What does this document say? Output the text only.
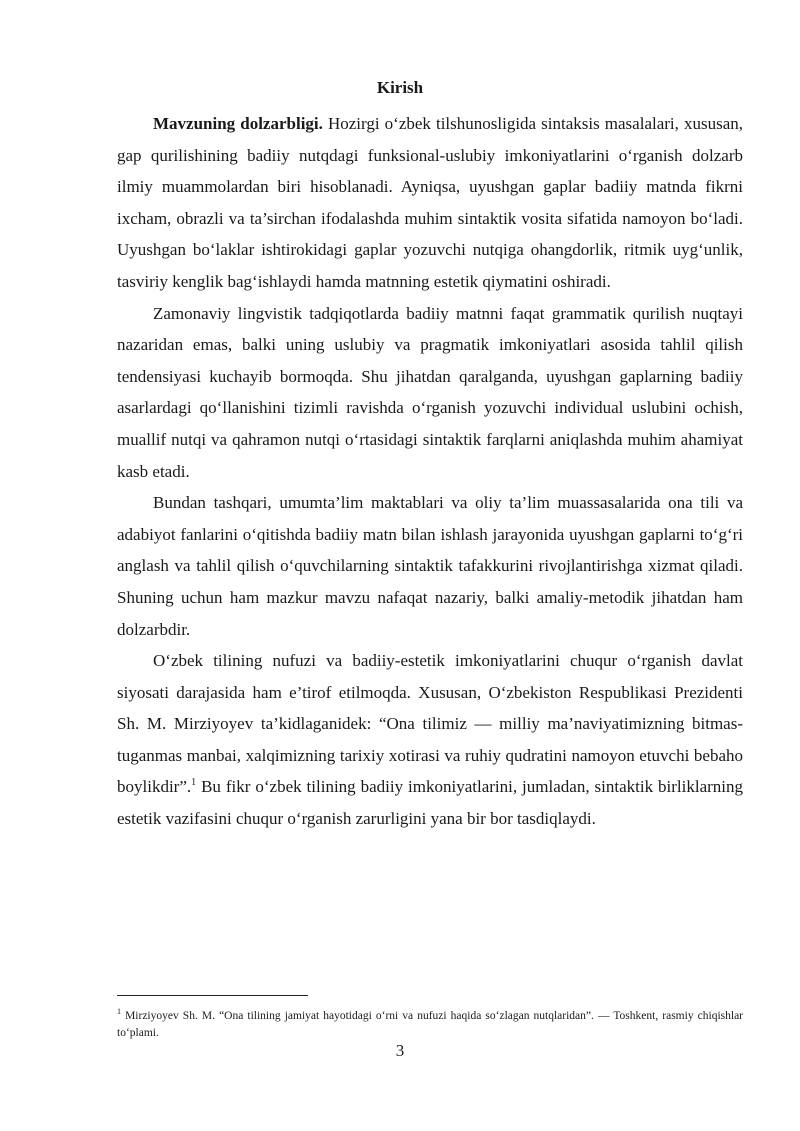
Kirish

Mavzuning dolzarbligi. Hozirgi o‘zbek tilshunosligida sintaksis masalalari, xususan, gap qurilishining badiiy nutqdagi funksional-uslubiy imkoniyatlarini o‘rganish dolzarb ilmiy muammolardan biri hisoblanadi. Ayniqsa, uyushgan gaplar badiiy matnda fikrni ixcham, obrazli va ta’sirchan ifodalashda muhim sintaktik vosita sifatida namoyon bo‘ladi. Uyushgan bo‘laklar ishtirokidagi gaplar yozuvchi nutqiga ohangdorlik, ritmik uyg‘unlik, tasviriy kenglik bag‘ishlaydi hamda matnning estetik qiymatini oshiradi.

Zamonaviy lingvistik tadqiqotlarda badiiy matnni faqat grammatik qurilish nuqtayi nazaridan emas, balki uning uslubiy va pragmatik imkoniyatlari asosida tahlil qilish tendensiyasi kuchayib bormoqda. Shu jihatdan qaralganda, uyushgan gaplarning badiiy asarlardagi qo‘llanishini tizimli ravishda o‘rganish yozuvchi individual uslubini ochish, muallif nutqi va qahramon nutqi o‘rtasidagi sintaktik farqlarni aniqlashda muhim ahamiyat kasb etadi.

Bundan tashqari, umumta’lim maktablari va oliy ta’lim muassasalarida ona tili va adabiyot fanlarini o‘qitishda badiiy matn bilan ishlash jarayonida uyushgan gaplarni to‘g‘ri anglash va tahlil qilish o‘quvchilarning sintaktik tafakkurini rivojlantirishga xizmat qiladi. Shuning uchun ham mazkur mavzu nafaqat nazariy, balki amaliy-metodik jihatdan ham dolzarbdir.

O‘zbek tilining nufuzi va badiiy-estetik imkoniyatlarini chuqur o‘rganish davlat siyosati darajasida ham e’tirof etilmoqda. Xususan, O‘zbekiston Respublikasi Prezidenti Sh. M. Mirziyoyev ta’kidlaganidek: “Ona tilimiz — milliy ma’naviyatimizning bitmas-tuganmas manbai, xalqimizning tarixiy xotirasi va ruhiy qudratini namoyon etuvchi bebaho boylikdir”.$^1$ Bu fikr o‘zbek tilining badiiy imkoniyatlarini, jumladan, sintaktik birliklarning estetik vazifasini chuqur o‘rganish zarurligini yana bir bor tasdiqlaydi.

$^1$ Mirziyoyev Sh. M. “Ona tilining jamiyat hayotidagi o‘rni va nufuzi haqida so‘zlagan nutqlaridan”. — Toshkent, rasmiy chiqishlar to‘plami.

3
